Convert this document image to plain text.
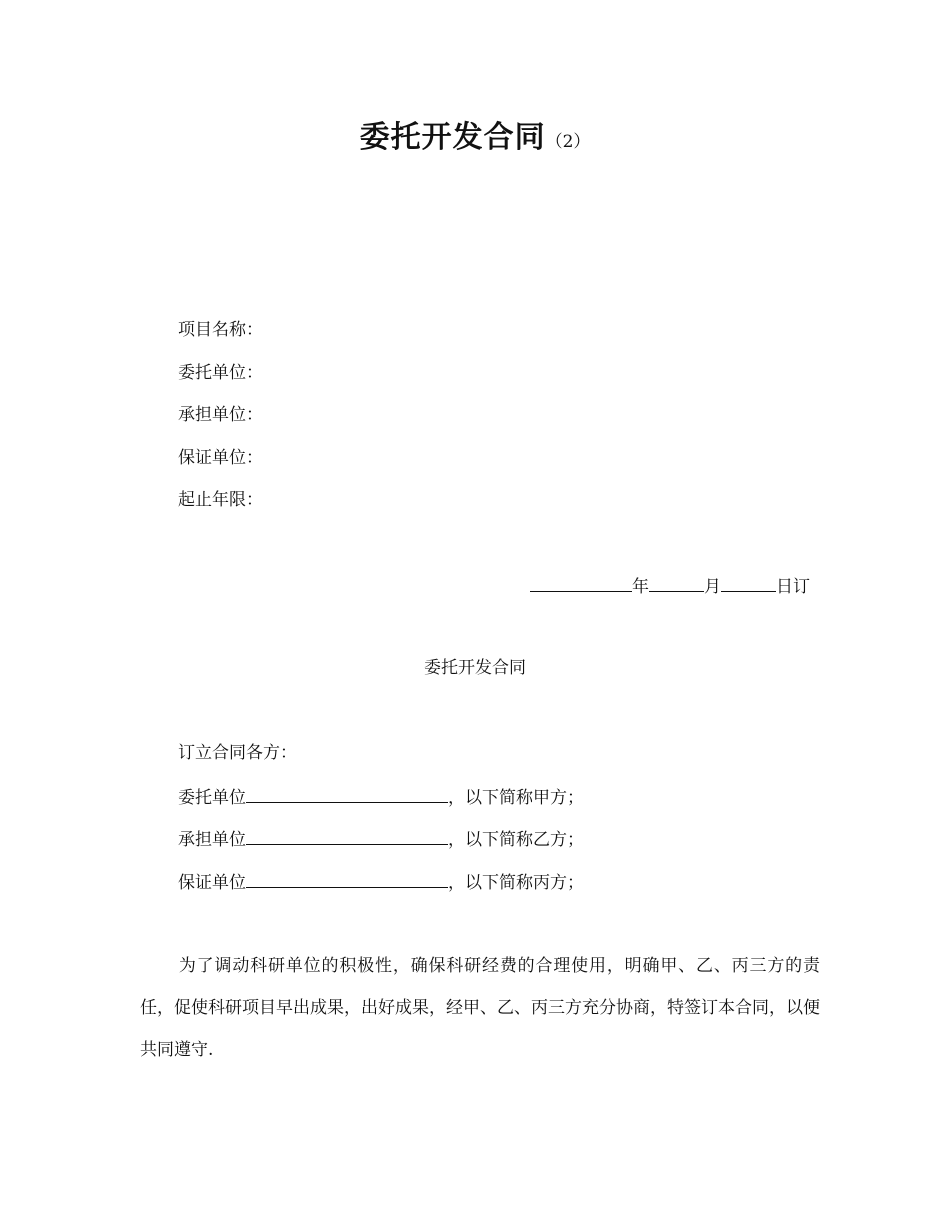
委托开发合同（2）
项目名称：
委托单位：
承担单位：
保证单位：
起止年限：
年	月	日订
委托开发合同
订立合同各方：
委托单位	，以下简称甲方；
承担单位	，以下简称乙方；
保证单位	，以下简称丙方；
为了调动科研单位的积极性，确保科研经费的合理使用，明确甲、乙、丙三方的责任，促使科研项目早出成果，出好成果，经甲、乙、丙三方充分协商，特签订本合同，以便共同遵守.
